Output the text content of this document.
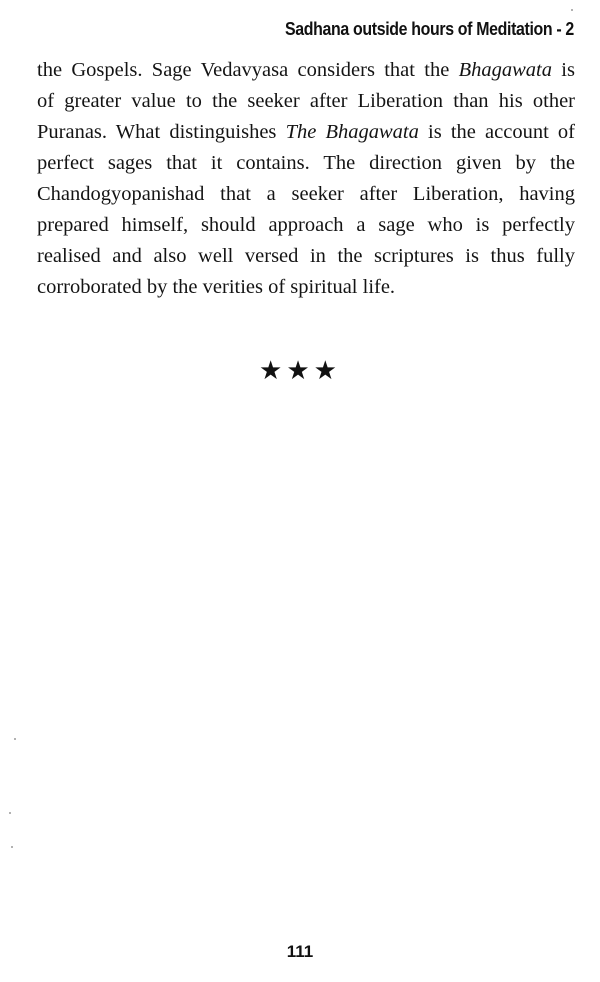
Sadhana outside hours of Meditation - 2
the Gospels. Sage Vedavyasa considers that the Bhagawata is
of greater value to the seeker after Liberation than his other
Puranas. What distinguishes The Bhagawata is the account of
perfect sages that it contains. The direction given by the
Chandogyopanishad that a seeker after Liberation, having
prepared himself, should approach a sage who is perfectly
realised and also well versed in the scriptures is thus fully
corroborated by the verities of spiritual life.
★★★
111
